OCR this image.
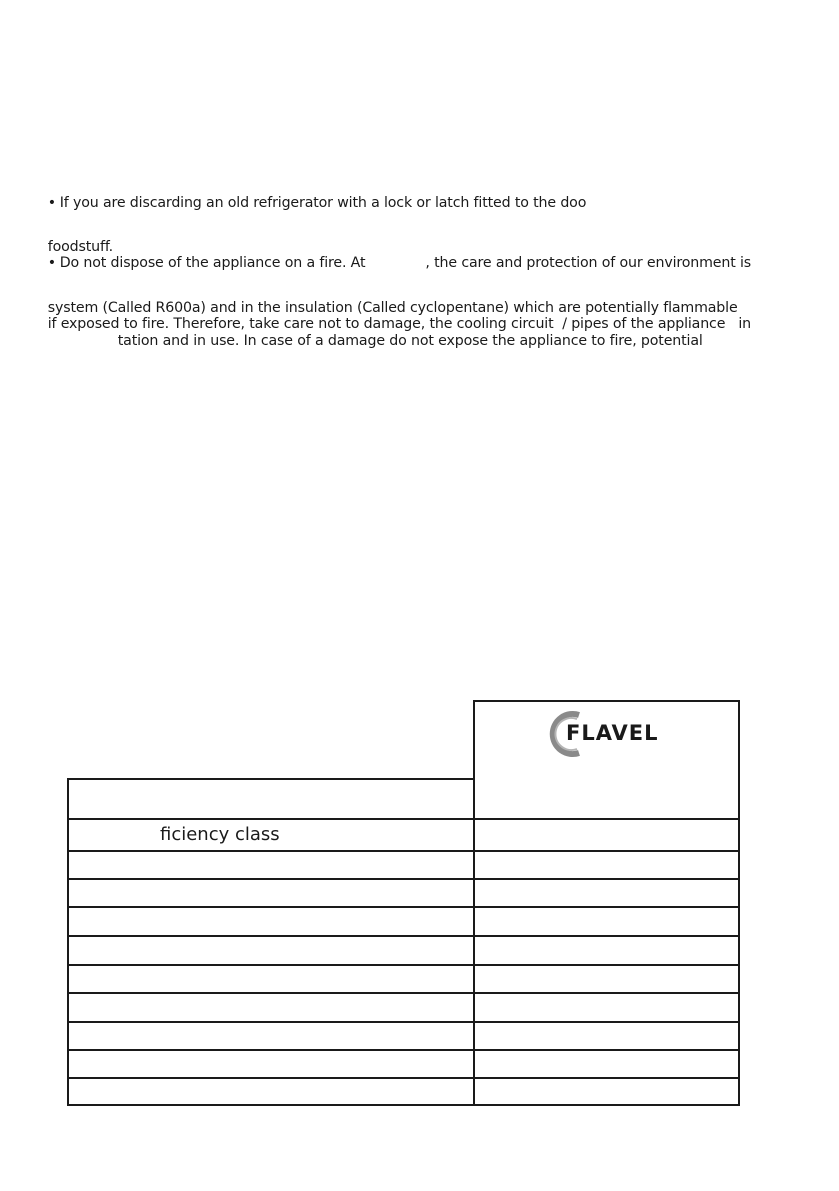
• If you are discarding an old refrigerator with a lock or latch fitted to the doo

foodstuff.

• Do not dispose of the appliance on a fire. At	, the care and protection of our environment is

system (Called R600a) and in the insulation (Called cyclopentane) which are potentially flammable

if exposed to fire. Therefore, take care not to damage, the cooling circuit  / pipes of the appliance   in

tation and in use. In case of a damage do not expose the appliance to fire, potential

ficiency class
FLAVEL
